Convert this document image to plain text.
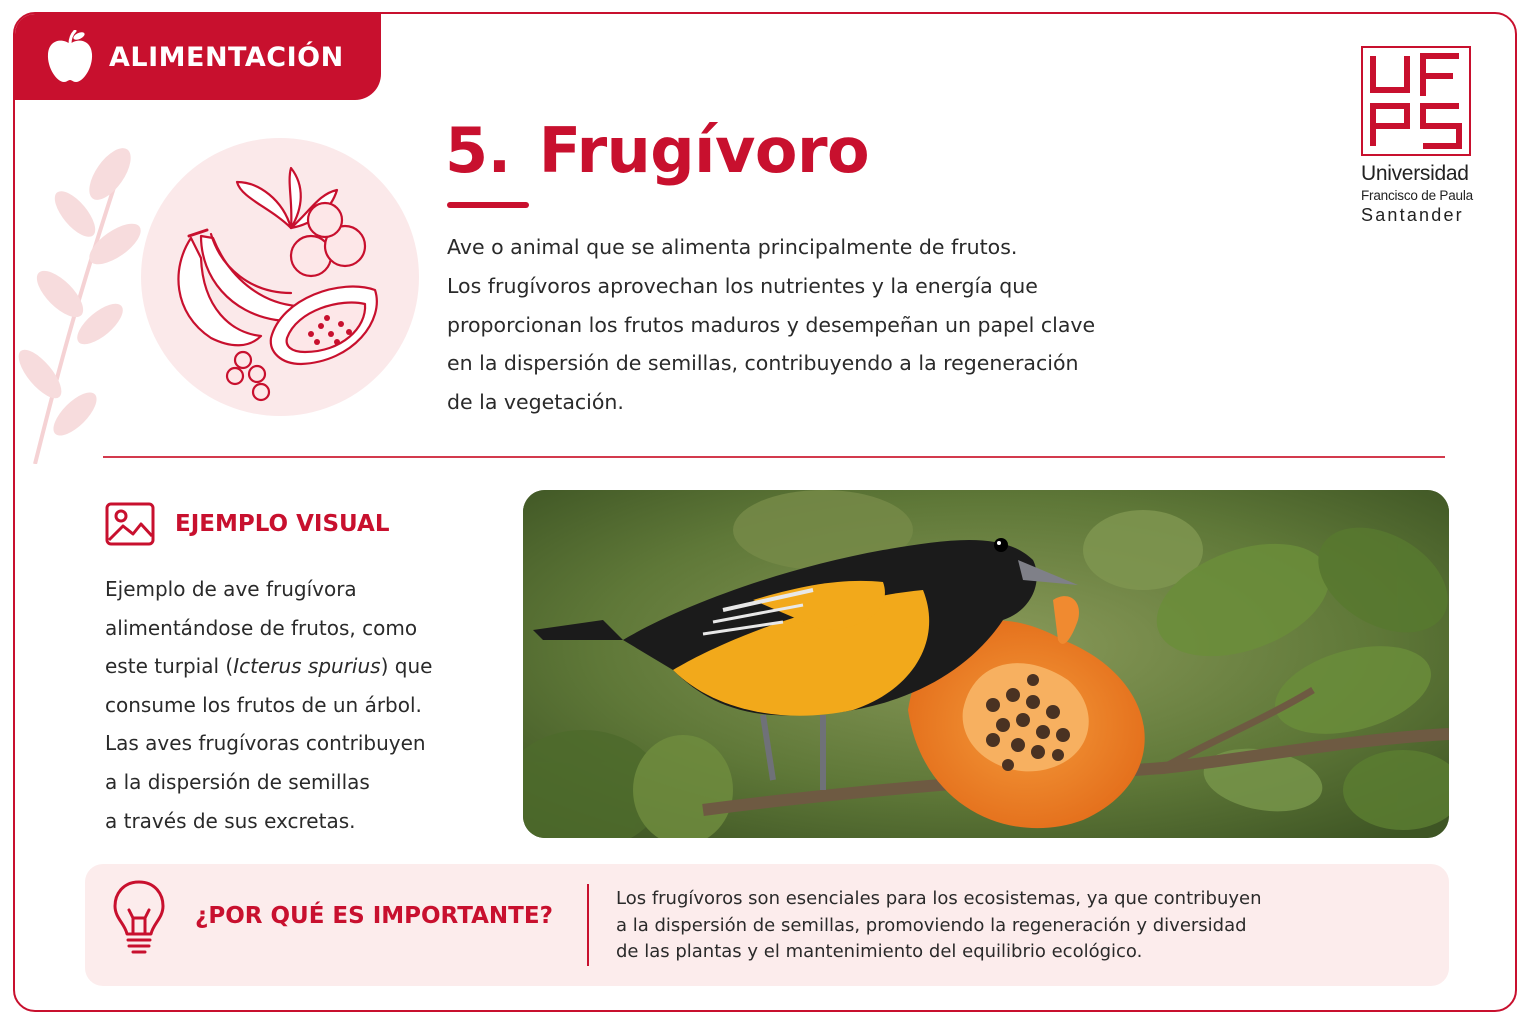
ALIMENTACIÓN
5. Frugívoro

Ave o animal que se alimenta principalmente de frutos.

Los frugívoros aprovechan los nutrientes y la energía que

proporcionan los frutos maduros y desempeñan un papel clave

en la dispersión de semillas, contribuyendo a la regeneración

de la vegetación.

Universidad
Francisco de Paula
Santander
EJEMPLO VISUAL

Ejemplo de ave frugívora

alimentándose de frutos, como

este turpial (Icterus spurius) que

consume los frutos de un árbol.

Las aves frugívoras contribuyen

a la dispersión de semillas

a través de sus excretas.

¿POR QUÉ ES IMPORTANTE?

Los frugívoros son esenciales para los ecosistemas, ya que contribuyen

a la dispersión de semillas, promoviendo la regeneración y diversidad

de las plantas y el mantenimiento del equilibrio ecológico.
